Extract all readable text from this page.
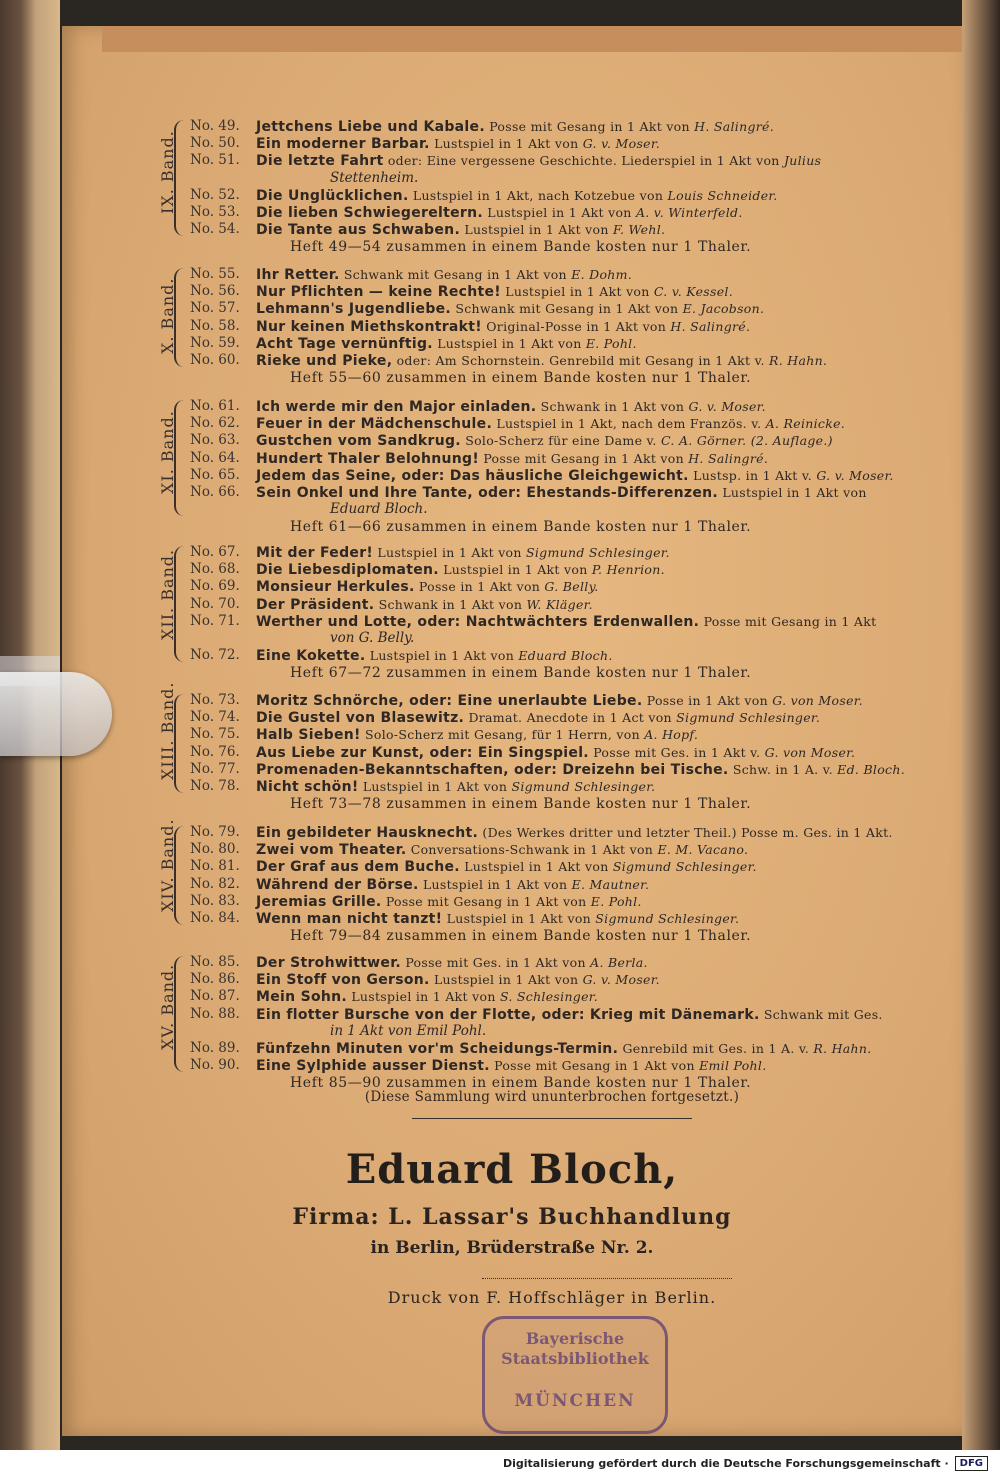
No. 49.	Jettchens Liebe und Kabale. Posse mit Gesang in 1 Akt von H. Salingré.
No. 50.	Ein moderner Barbar. Lustspiel in 1 Akt von G. v. Moser.
No. 51.	Die letzte Fahrt oder: Eine vergessene Geschichte. Liederspiel in 1 Akt von Julius
Stettenheim.
No. 52.	Die Unglücklichen. Lustspiel in 1 Akt, nach Kotzebue von Louis Schneider.
No. 53.	Die lieben Schwiegereltern. Lustspiel in 1 Akt von A. v. Winterfeld.
No. 54.	Die Tante aus Schwaben. Lustspiel in 1 Akt von F. Wehl.
Heft 49—54 zusammen in einem Bande kosten nur 1 Thaler.
IX. Band.
No. 55.	Ihr Retter. Schwank mit Gesang in 1 Akt von E. Dohm.
No. 56.	Nur Pflichten — keine Rechte! Lustspiel in 1 Akt von C. v. Kessel.
No. 57.	Lehmann's Jugendliebe. Schwank mit Gesang in 1 Akt von E. Jacobson.
No. 58.	Nur keinen Miethskontrakt! Original-Posse in 1 Akt von H. Salingré.
No. 59.	Acht Tage vernünftig. Lustspiel in 1 Akt von E. Pohl.
No. 60.	Rieke und Pieke, oder: Am Schornstein. Genrebild mit Gesang in 1 Akt v. R. Hahn.
Heft 55—60 zusammen in einem Bande kosten nur 1 Thaler.
X. Band.
No. 61.	Ich werde mir den Major einladen. Schwank in 1 Akt von G. v. Moser.
No. 62.	Feuer in der Mädchenschule. Lustspiel in 1 Akt, nach dem Französ. v. A. Reinicke.
No. 63.	Gustchen vom Sandkrug. Solo-Scherz für eine Dame v. C. A. Görner. (2. Auflage.)
No. 64.	Hundert Thaler Belohnung! Posse mit Gesang in 1 Akt von H. Salingré.
No. 65.	Jedem das Seine, oder: Das häusliche Gleichgewicht. Lustsp. in 1 Akt v. G. v. Moser.
No. 66.	Sein Onkel und Ihre Tante, oder: Ehestands-Differenzen. Lustspiel in 1 Akt von
Eduard Bloch.
Heft 61—66 zusammen in einem Bande kosten nur 1 Thaler.
XI. Band.
No. 67.	Mit der Feder! Lustspiel in 1 Akt von Sigmund Schlesinger.
No. 68.	Die Liebesdiplomaten. Lustspiel in 1 Akt von P. Henrion.
No. 69.	Monsieur Herkules. Posse in 1 Akt von G. Belly.
No. 70.	Der Präsident. Schwank in 1 Akt von W. Kläger.
No. 71.	Werther und Lotte, oder: Nachtwächters Erdenwallen. Posse mit Gesang in 1 Akt
von G. Belly.
No. 72.	Eine Kokette. Lustspiel in 1 Akt von Eduard Bloch.
Heft 67—72 zusammen in einem Bande kosten nur 1 Thaler.
XII. Band.
No. 73.	Moritz Schnörche, oder: Eine unerlaubte Liebe. Posse in 1 Akt von G. von Moser.
No. 74.	Die Gustel von Blasewitz. Dramat. Anecdote in 1 Act von Sigmund Schlesinger.
No. 75.	Halb Sieben! Solo-Scherz mit Gesang, für 1 Herrn, von A. Hopf.
No. 76.	Aus Liebe zur Kunst, oder: Ein Singspiel. Posse mit Ges. in 1 Akt v. G. von Moser.
No. 77.	Promenaden-Bekanntschaften, oder: Dreizehn bei Tische. Schw. in 1 A. v. Ed. Bloch.
No. 78.	Nicht schön! Lustspiel in 1 Akt von Sigmund Schlesinger.
Heft 73—78 zusammen in einem Bande kosten nur 1 Thaler.
XIII. Band.
No. 79.	Ein gebildeter Hausknecht. (Des Werkes dritter und letzter Theil.) Posse m. Ges. in 1 Akt.
No. 80.	Zwei vom Theater. Conversations-Schwank in 1 Akt von E. M. Vacano.
No. 81.	Der Graf aus dem Buche. Lustspiel in 1 Akt von Sigmund Schlesinger.
No. 82.	Während der Börse. Lustspiel in 1 Akt von E. Mautner.
No. 83.	Jeremias Grille. Posse mit Gesang in 1 Akt von E. Pohl.
No. 84.	Wenn man nicht tanzt! Lustspiel in 1 Akt von Sigmund Schlesinger.
Heft 79—84 zusammen in einem Bande kosten nur 1 Thaler.
XIV. Band.
No. 85.	Der Strohwittwer. Posse mit Ges. in 1 Akt von A. Berla.
No. 86.	Ein Stoff von Gerson. Lustspiel in 1 Akt von G. v. Moser.
No. 87.	Mein Sohn. Lustspiel in 1 Akt von S. Schlesinger.
No. 88.	Ein flotter Bursche von der Flotte, oder: Krieg mit Dänemark. Schwank mit Ges.
in 1 Akt von Emil Pohl.
No. 89.	Fünfzehn Minuten vor'm Scheidungs-Termin. Genrebild mit Ges. in 1 A. v. R. Hahn.
No. 90.	Eine Sylphide ausser Dienst. Posse mit Gesang in 1 Akt von Emil Pohl.
Heft 85—90 zusammen in einem Bande kosten nur 1 Thaler.
XV. Band.
(Diese Sammlung wird ununterbrochen fortgesetzt.)
Eduard Bloch,
Firma: L. Lassar's Buchhandlung
in Berlin, Brüderstraße Nr. 2.
Druck von F. Hoffschläger in Berlin.
Bayerische
Staatsbibliothek
MÜNCHEN
Digitalisierung gefördert durch die Deutsche Forschungsgemeinschaft ·	DFG
